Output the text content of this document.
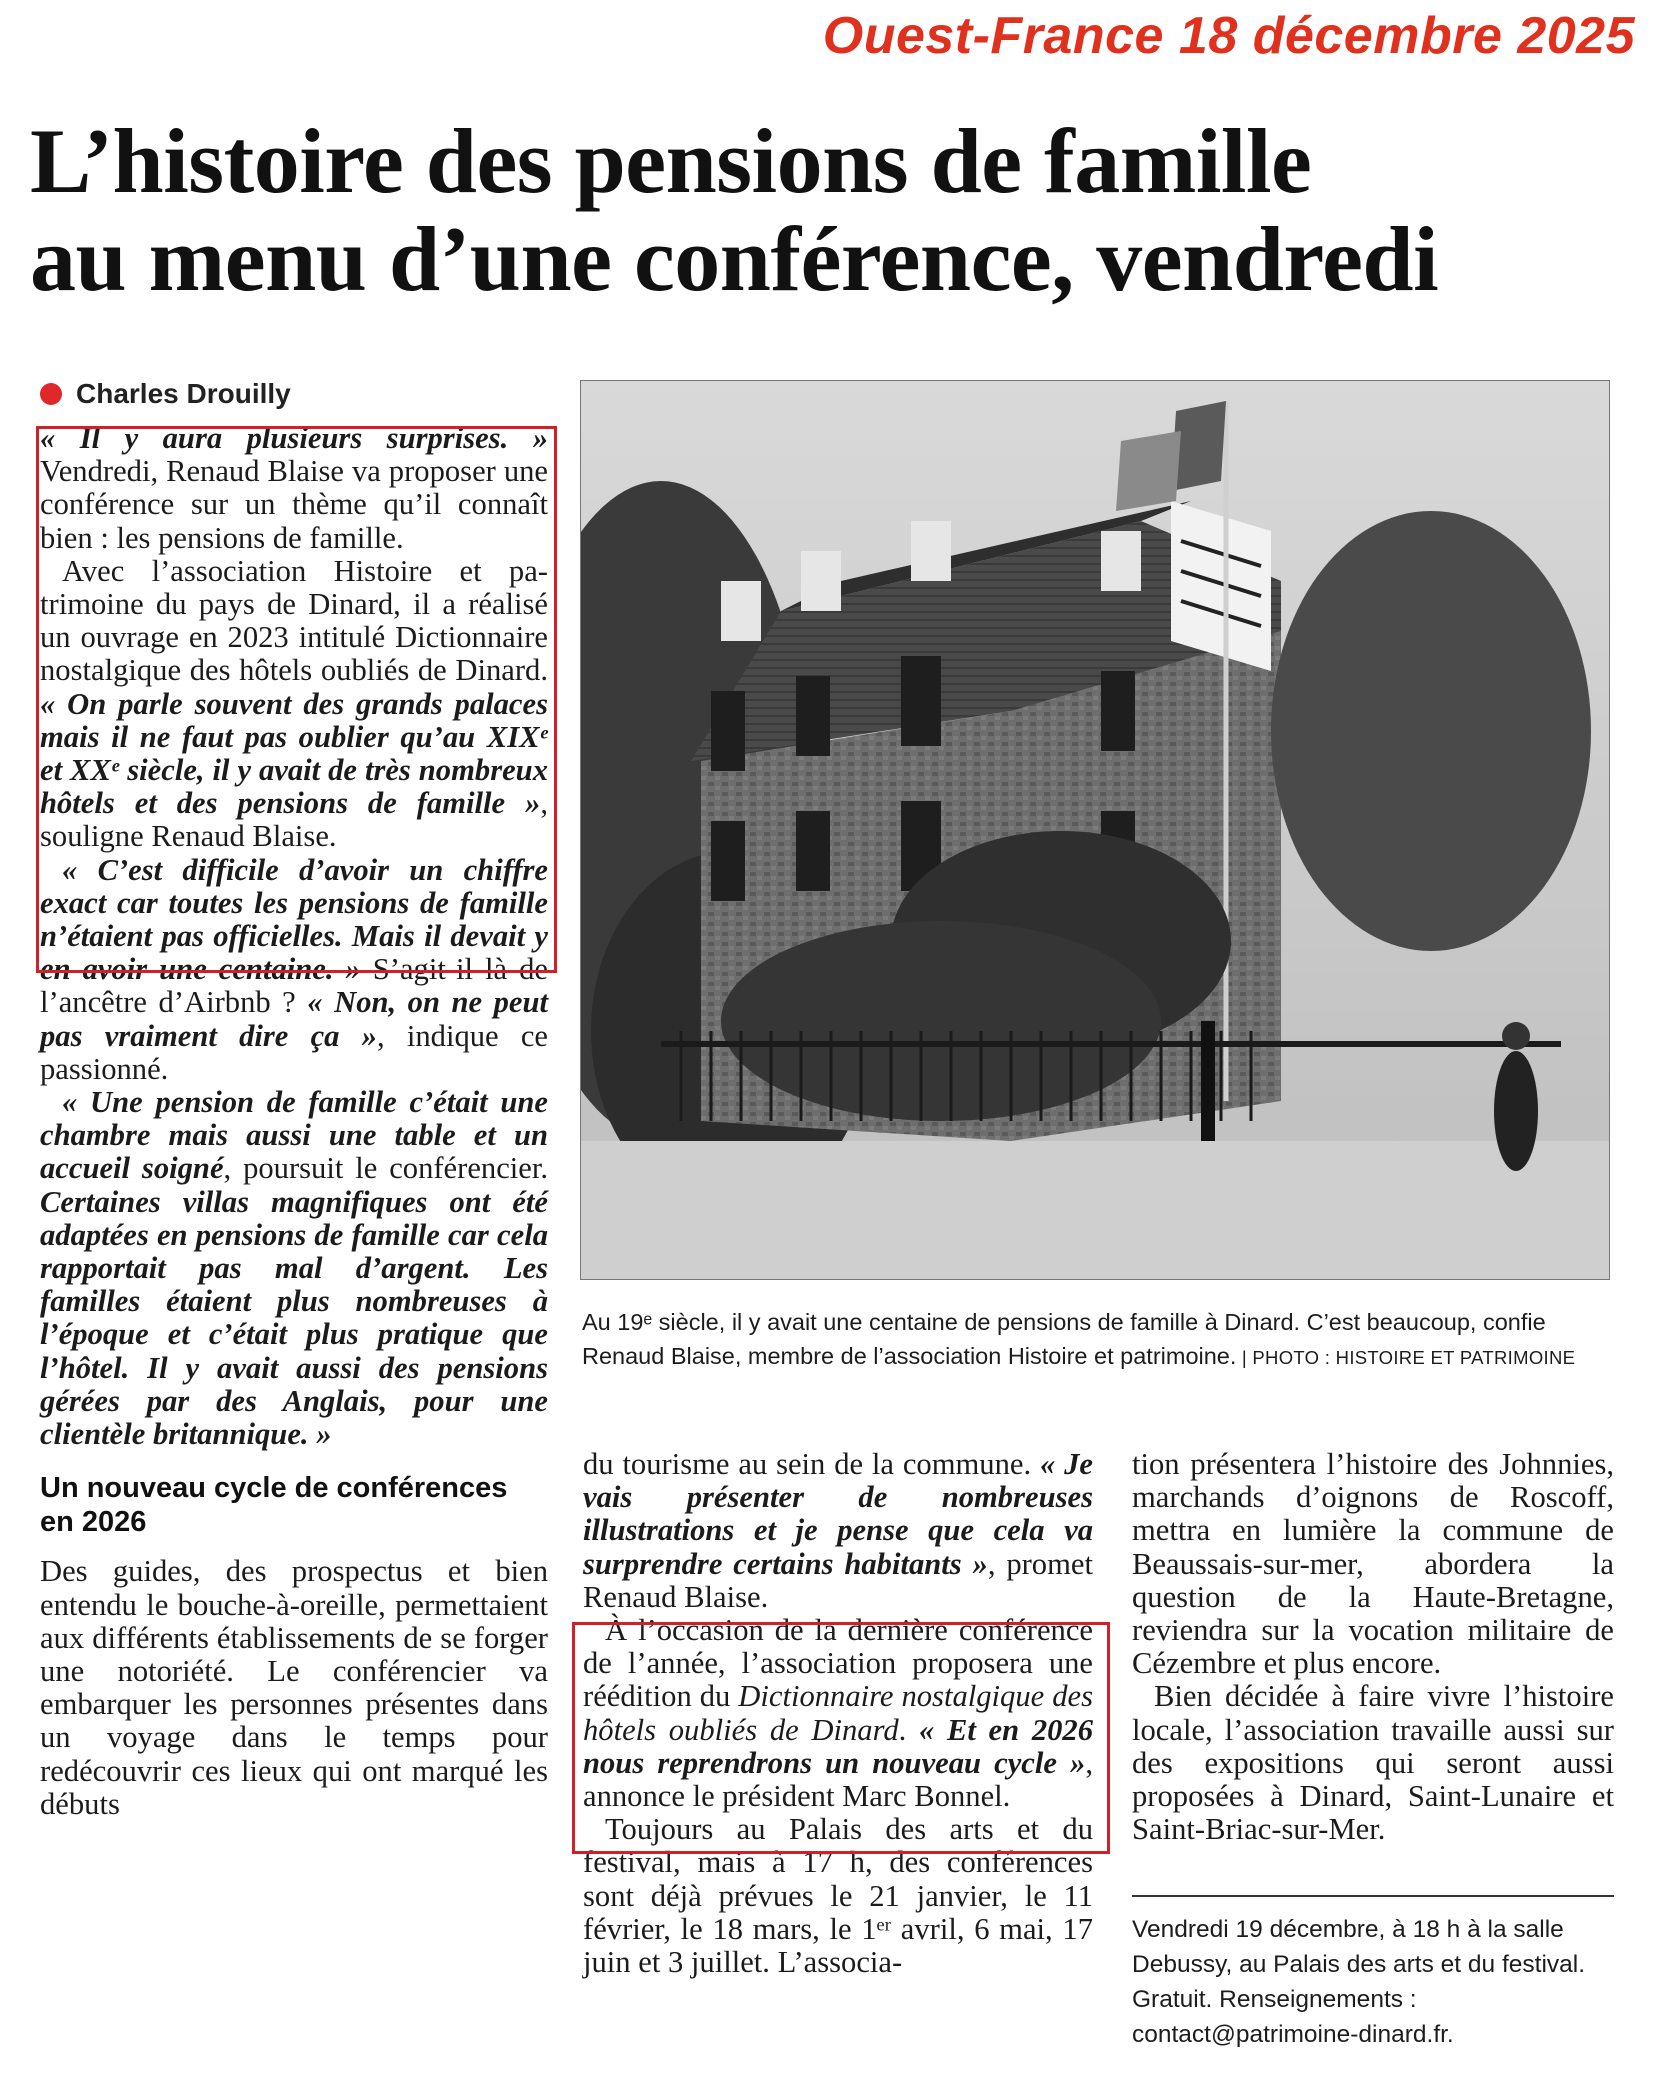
Ouest-France 18 décembre 2025
L’histoire des pensions de famille
au menu d’une conférence, vendredi
Charles Drouilly

« Il y aura plusieurs surprises. » Vendredi, Renaud Blaise va proposer une conférence sur un thème qu’il connaît bien : les pensions de famille.

Avec l’association Histoire et patrimoine du pays de Dinard, il a réalisé un ouvrage en 2023 intitulé Dictionnaire nostalgique des hôtels oubliés de Dinard. « On parle souvent des grands palaces mais il ne faut pas oublier qu’au XIXᵉ et XXᵉ siècle, il y avait de très nombreux hôtels et des pensions de famille », souligne Renaud Blaise.

« C’est difficile d’avoir un chiffre exact car toutes les pensions de famille n’étaient pas officielles. Mais il devait y en avoir une centaine. » S’agit-il là de l’ancêtre d’Airbnb ? « Non, on ne peut pas vraiment dire ça », indique ce passionné.

« Une pension de famille c’était une chambre mais aussi une table et un accueil soigné, poursuit le conférencier. Certaines villas magnifiques ont été adaptées en pensions de famille car cela rapportait pas mal d’argent. Les familles étaient plus nombreuses à l’époque et c’était plus pratique que l’hôtel. Il y avait aussi des pensions gérées par des Anglais, pour une clientèle britannique. »

Un nouveau cycle de conférences en 2026

Des guides, des prospectus et bien entendu le bouche-à-oreille, permettaient aux différents établissements de se forger une notoriété. Le conférencier va embarquer les personnes présentes dans un voyage dans le temps pour redécouvrir ces lieux qui ont marqué les débuts

Au 19ᵉ siècle, il y avait une centaine de pensions de famille à Dinard. C’est beaucoup, confie Renaud Blaise, membre de l’association Histoire et patrimoine. | PHOTO : HISTOIRE ET PATRIMOINE

du tourisme au sein de la commune. « Je vais présenter de nombreuses illustrations et je pense que cela va surprendre certains habitants », promet Renaud Blaise.

À l’occasion de la dernière conférence de l’année, l’association proposera une réédition du Dictionnaire nostalgique des hôtels oubliés de Dinard. « Et en 2026 nous reprendrons un nouveau cycle », annonce le président Marc Bonnel.

Toujours au Palais des arts et du festival, mais à 17 h, des conférences sont déjà prévues le 21 janvier, le 11 février, le 18 mars, le 1ᵉʳ avril, 6 mai, 17 juin et 3 juillet. L’associa-

tion présentera l’histoire des Johnnies, marchands d’oignons de Roscoff, mettra en lumière la commune de Beaussais-sur-mer, abordera la question de la Haute-Bretagne, reviendra sur la vocation militaire de Cézembre et plus encore.

Bien décidée à faire vivre l’histoire locale, l’association travaille aussi sur des expositions qui seront aussi proposées à Dinard, Saint-Lunaire et Saint-Briac-sur-Mer.

Vendredi 19 décembre, à 18 h à la salle Debussy, au Palais des arts et du festival. Gratuit. Renseignements : contact@patrimoine-dinard.fr.
